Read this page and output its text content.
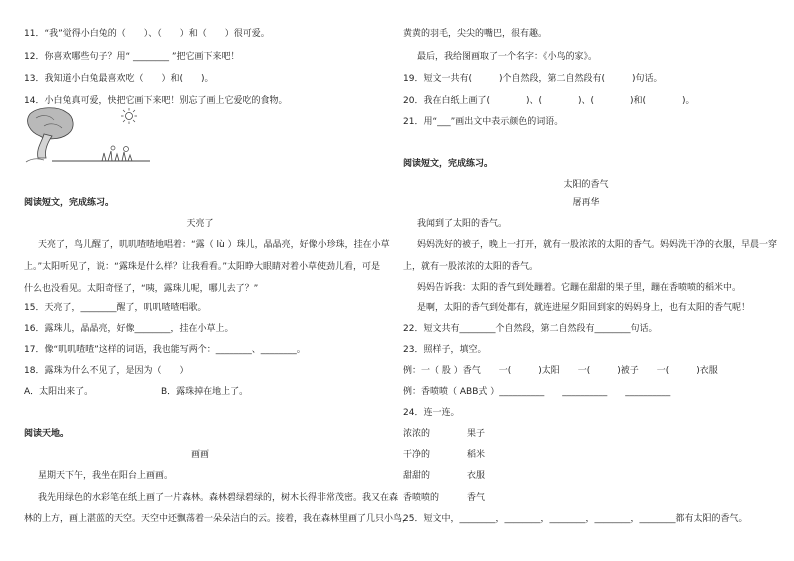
11．“我”觉得小白兔的（　　）、（　　）和（　　）很可爱。
12．你喜欢哪些句子？用“ ________ ”把它画下来吧！
13．我知道小白兔最喜欢吃（　　）和(　　)。
14．小白兔真可爱，快把它画下来吧！别忘了画上它爱吃的食物。
阅读短文，完成练习。
天亮了
天亮了，鸟儿醒了，叽叽喳喳地唱着：“露（ lù ）珠儿，晶晶亮，好像小珍珠，挂在小草
上。”太阳听见了，说：“露珠是什么样？让我看看。”太阳睁大眼睛对着小草使劲儿看，可是
什么也没看见。太阳奇怪了，“咦，露珠儿呢，哪儿去了？”
15．天亮了，________醒了，叽叽喳喳唱歌。
16．露珠儿，晶晶亮，好像________，挂在小草上。
17．像“叽叽喳喳”这样的词语，我也能写两个：________、________。
18．露珠为什么不见了，是因为（　　）
A．太阳出来了。	B．露珠掉在地上了。
阅读天地。
画画
星期天下午，我坐在阳台上画画。
我先用绿色的水彩笔在纸上画了一片森林。森林碧绿碧绿的，树木长得非常茂密。我又在森
林的上方，画上湛蓝的天空。天空中还飘荡着一朵朵洁白的云。接着，我在森林里画了几只小鸟，
黄黄的羽毛，尖尖的嘴巴，很有趣。
最后，我给图画取了一个名字：《小鸟的家》。
19．短文一共有(　　　)个自然段，第二自然段有(　　　)句话。
20．我在白纸上画了(　　　　)、(　　　　)、(　　　　)和(　　　　)。
21．用“___”画出文中表示颜色的词语。
阅读短文，完成练习。
太阳的香气
屠再华
我闻到了太阳的香气。
妈妈洗好的被子，晚上一打开，就有一股浓浓的太阳的香气。妈妈洗干净的衣服，早晨一穿
上，就有一股浓浓的太阳的香气。
妈妈告诉我：太阳的香气到处蹦着。它蹦在甜甜的果子里，蹦在香喷喷的稻米中。
是啊，太阳的香气到处都有，就连进屋夕阳回到家的妈妈身上，也有太阳的香气呢！
22．短文共有________个自然段，第二自然段有________句话。
23．照样子，填空。
例：一（ 股 ）香气　　一(　　　)太阳　　一(　　　)被子　　一(　　　)衣服
例：香喷喷（ ABB式 ）__________　　__________　　__________
24．连一连。
浓浓的	果子
干净的	稻米
甜甜的	衣服
香喷喷的	香气
25．短文中，________，________，________，________，________都有太阳的香气。
